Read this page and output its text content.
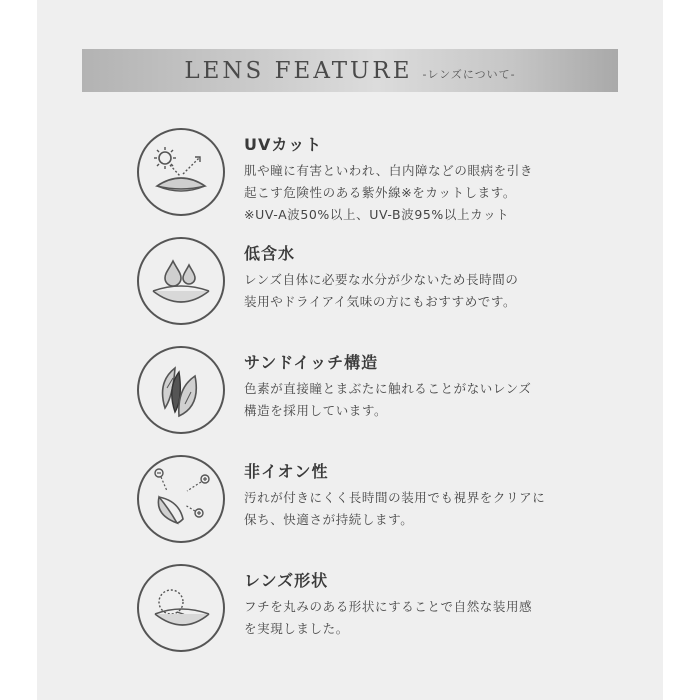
LENS FEATURE -レンズについて-
UVカット
肌や瞳に有害といわれ、白内障などの眼病を引き
起こす危険性のある紫外線※をカットします。
※UV-A波50%以上、UV-B波95%以上カット
低含水
レンズ自体に必要な水分が少ないため長時間の
装用やドライアイ気味の方にもおすすめです。
サンドイッチ構造
色素が直接瞳とまぶたに触れることがないレンズ
構造を採用しています。
非イオン性
汚れが付きにくく長時間の装用でも視界をクリアに
保ち、快適さが持続します。
レンズ形状
フチを丸みのある形状にすることで自然な装用感
を実現しました。
